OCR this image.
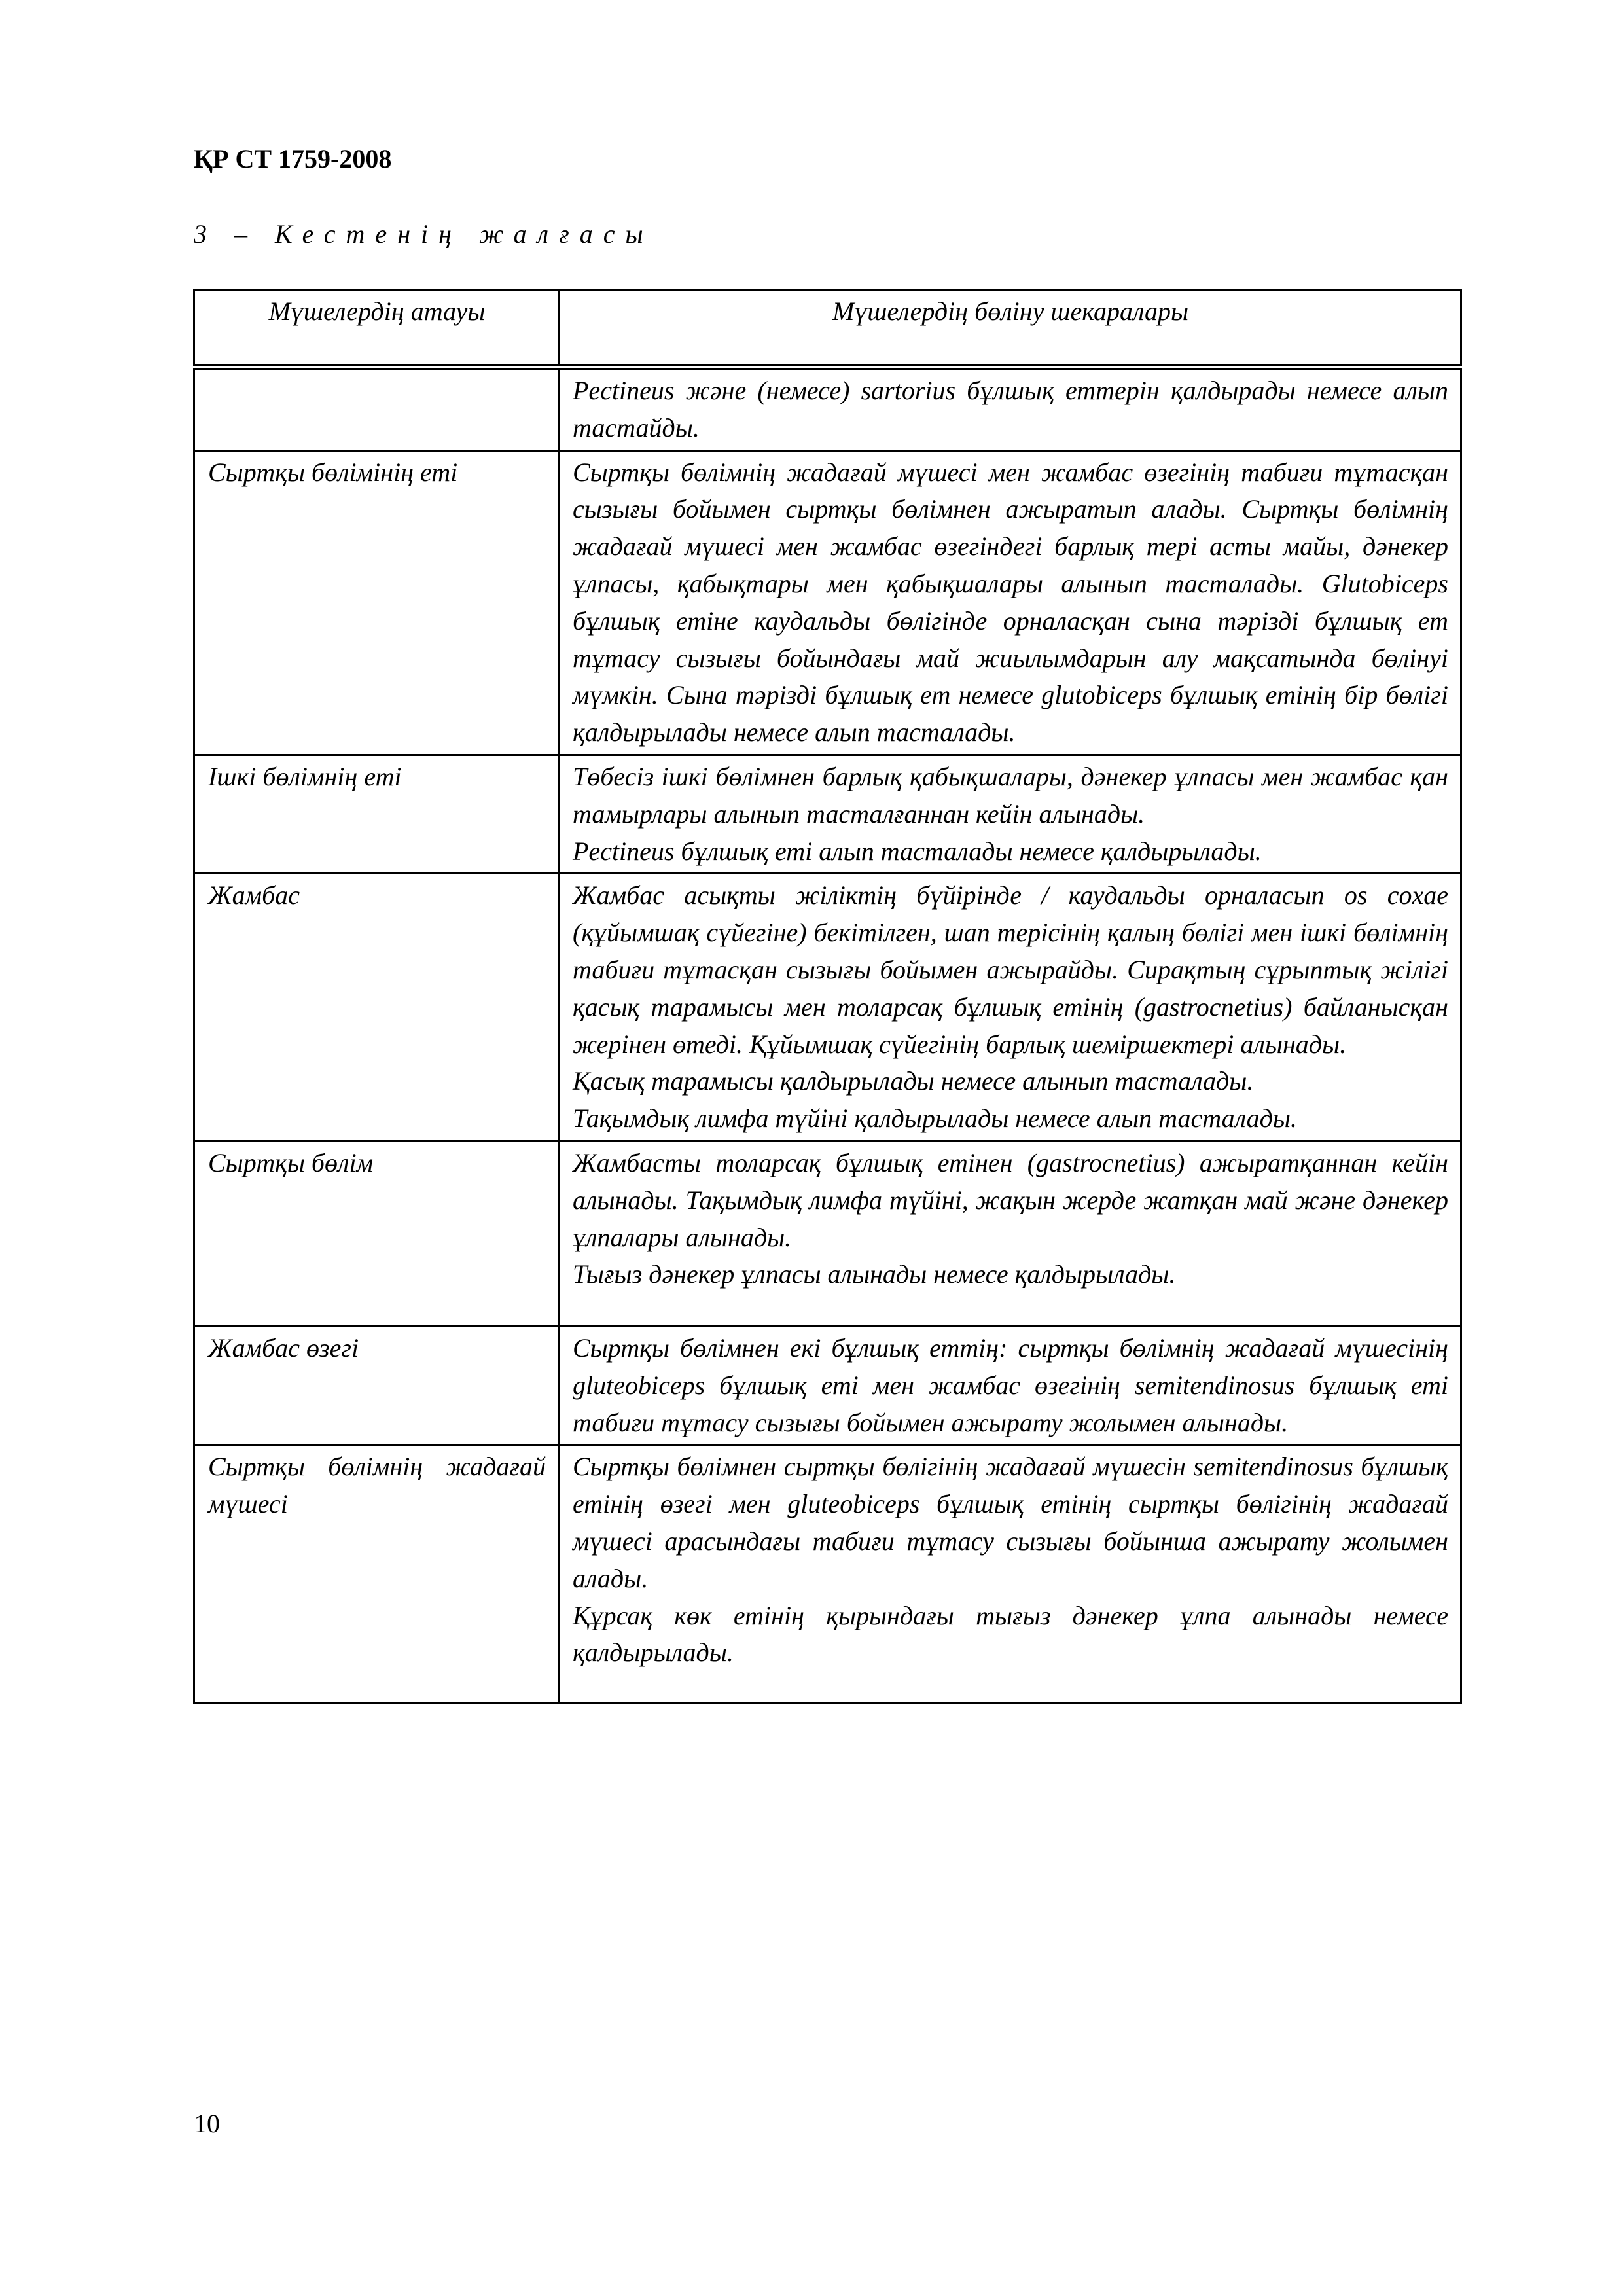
ҚР СТ 1759-2008

3 – Кестенің жалғасы

Мүшелердің атауы	Мүшелердің бөліну шекаралары

	Pectineus және (немесе) sartorius бұлшық еттерін қалдырады немесе алып тастайды.

Сыртқы бөлімінің еті	Сыртқы бөлімнің жадағай мүшесі мен жамбас өзегінің табиғи тұтасқан сызығы бойымен сыртқы бөлімнен ажыратып алады. Сыртқы бөлімнің жадағай мүшесі мен жамбас өзегіндегі барлық тері асты майы, дәнекер ұлпасы, қабықтары мен қабықшалары алынып тасталады. Glutobiceps бұлшық етіне каудальды бөлігінде орналасқан сына тәрізді бұлшық ет тұтасу сызығы бойындағы май жиылымдарын алу мақсатында бөлінуі мүмкін. Сына тәрізді бұлшық ет немесе glutobiceps бұлшық етінің бір бөлігі қалдырылады немесе алып тасталады.

Ішкі бөлімнің еті	Төбесіз ішкі бөлімнен барлық қабықшалары, дәнекер ұлпасы мен жамбас қан тамырлары алынып тасталғаннан кейін алынады.
Pectineus бұлшық еті алып тасталады немесе қалдырылады.

Жамбас	Жамбас асықты жіліктің бүйірінде / каудальды орналасып os coxae (құйымшақ сүйегіне) бекітілген, шап терісінің қалың бөлігі мен ішкі бөлімнің табиғи тұтасқан сызығы бойымен ажырайды. Сирақтың сұрыптық жілігі қасық тарамысы мен толарсақ бұлшық етінің (gastrocnetius) байланысқан жерінен өтеді. Құйымшақ сүйегінің барлық шеміршектері алынады.
Қасық тарамысы қалдырылады немесе алынып тасталады.
Тақымдық лимфа түйіні қалдырылады немесе алып тасталады.

Сыртқы бөлім	Жамбасты толарсақ бұлшық етінен (gastrocnetius) ажыратқаннан кейін алынады. Тақымдық лимфа түйіні, жақын жерде жатқан май және дәнекер ұлпалары алынады.
Тығыз дәнекер ұлпасы алынады немесе қалдырылады.

Жамбас өзегі	Сыртқы бөлімнен екі бұлшық еттің: сыртқы бөлімнің жадағай мүшесінің gluteobiceps бұлшық еті мен жамбас өзегінің semitendinosus бұлшық еті табиғи тұтасу сызығы бойымен ажырату жолымен алынады.

Сыртқы бөлімнің жадағай мүшесі	Сыртқы бөлімнен сыртқы бөлігінің жадағай мүшесін semitendinosus бұлшық етінің өзегі мен gluteobiceps бұлшық етінің сыртқы бөлігінің жадағай мүшесі арасындағы табиғи тұтасу сызығы бойынша ажырату жолымен алады.
Құрсақ көк етінің қырындағы тығыз дәнекер ұлпа алынады немесе қалдырылады.

10
